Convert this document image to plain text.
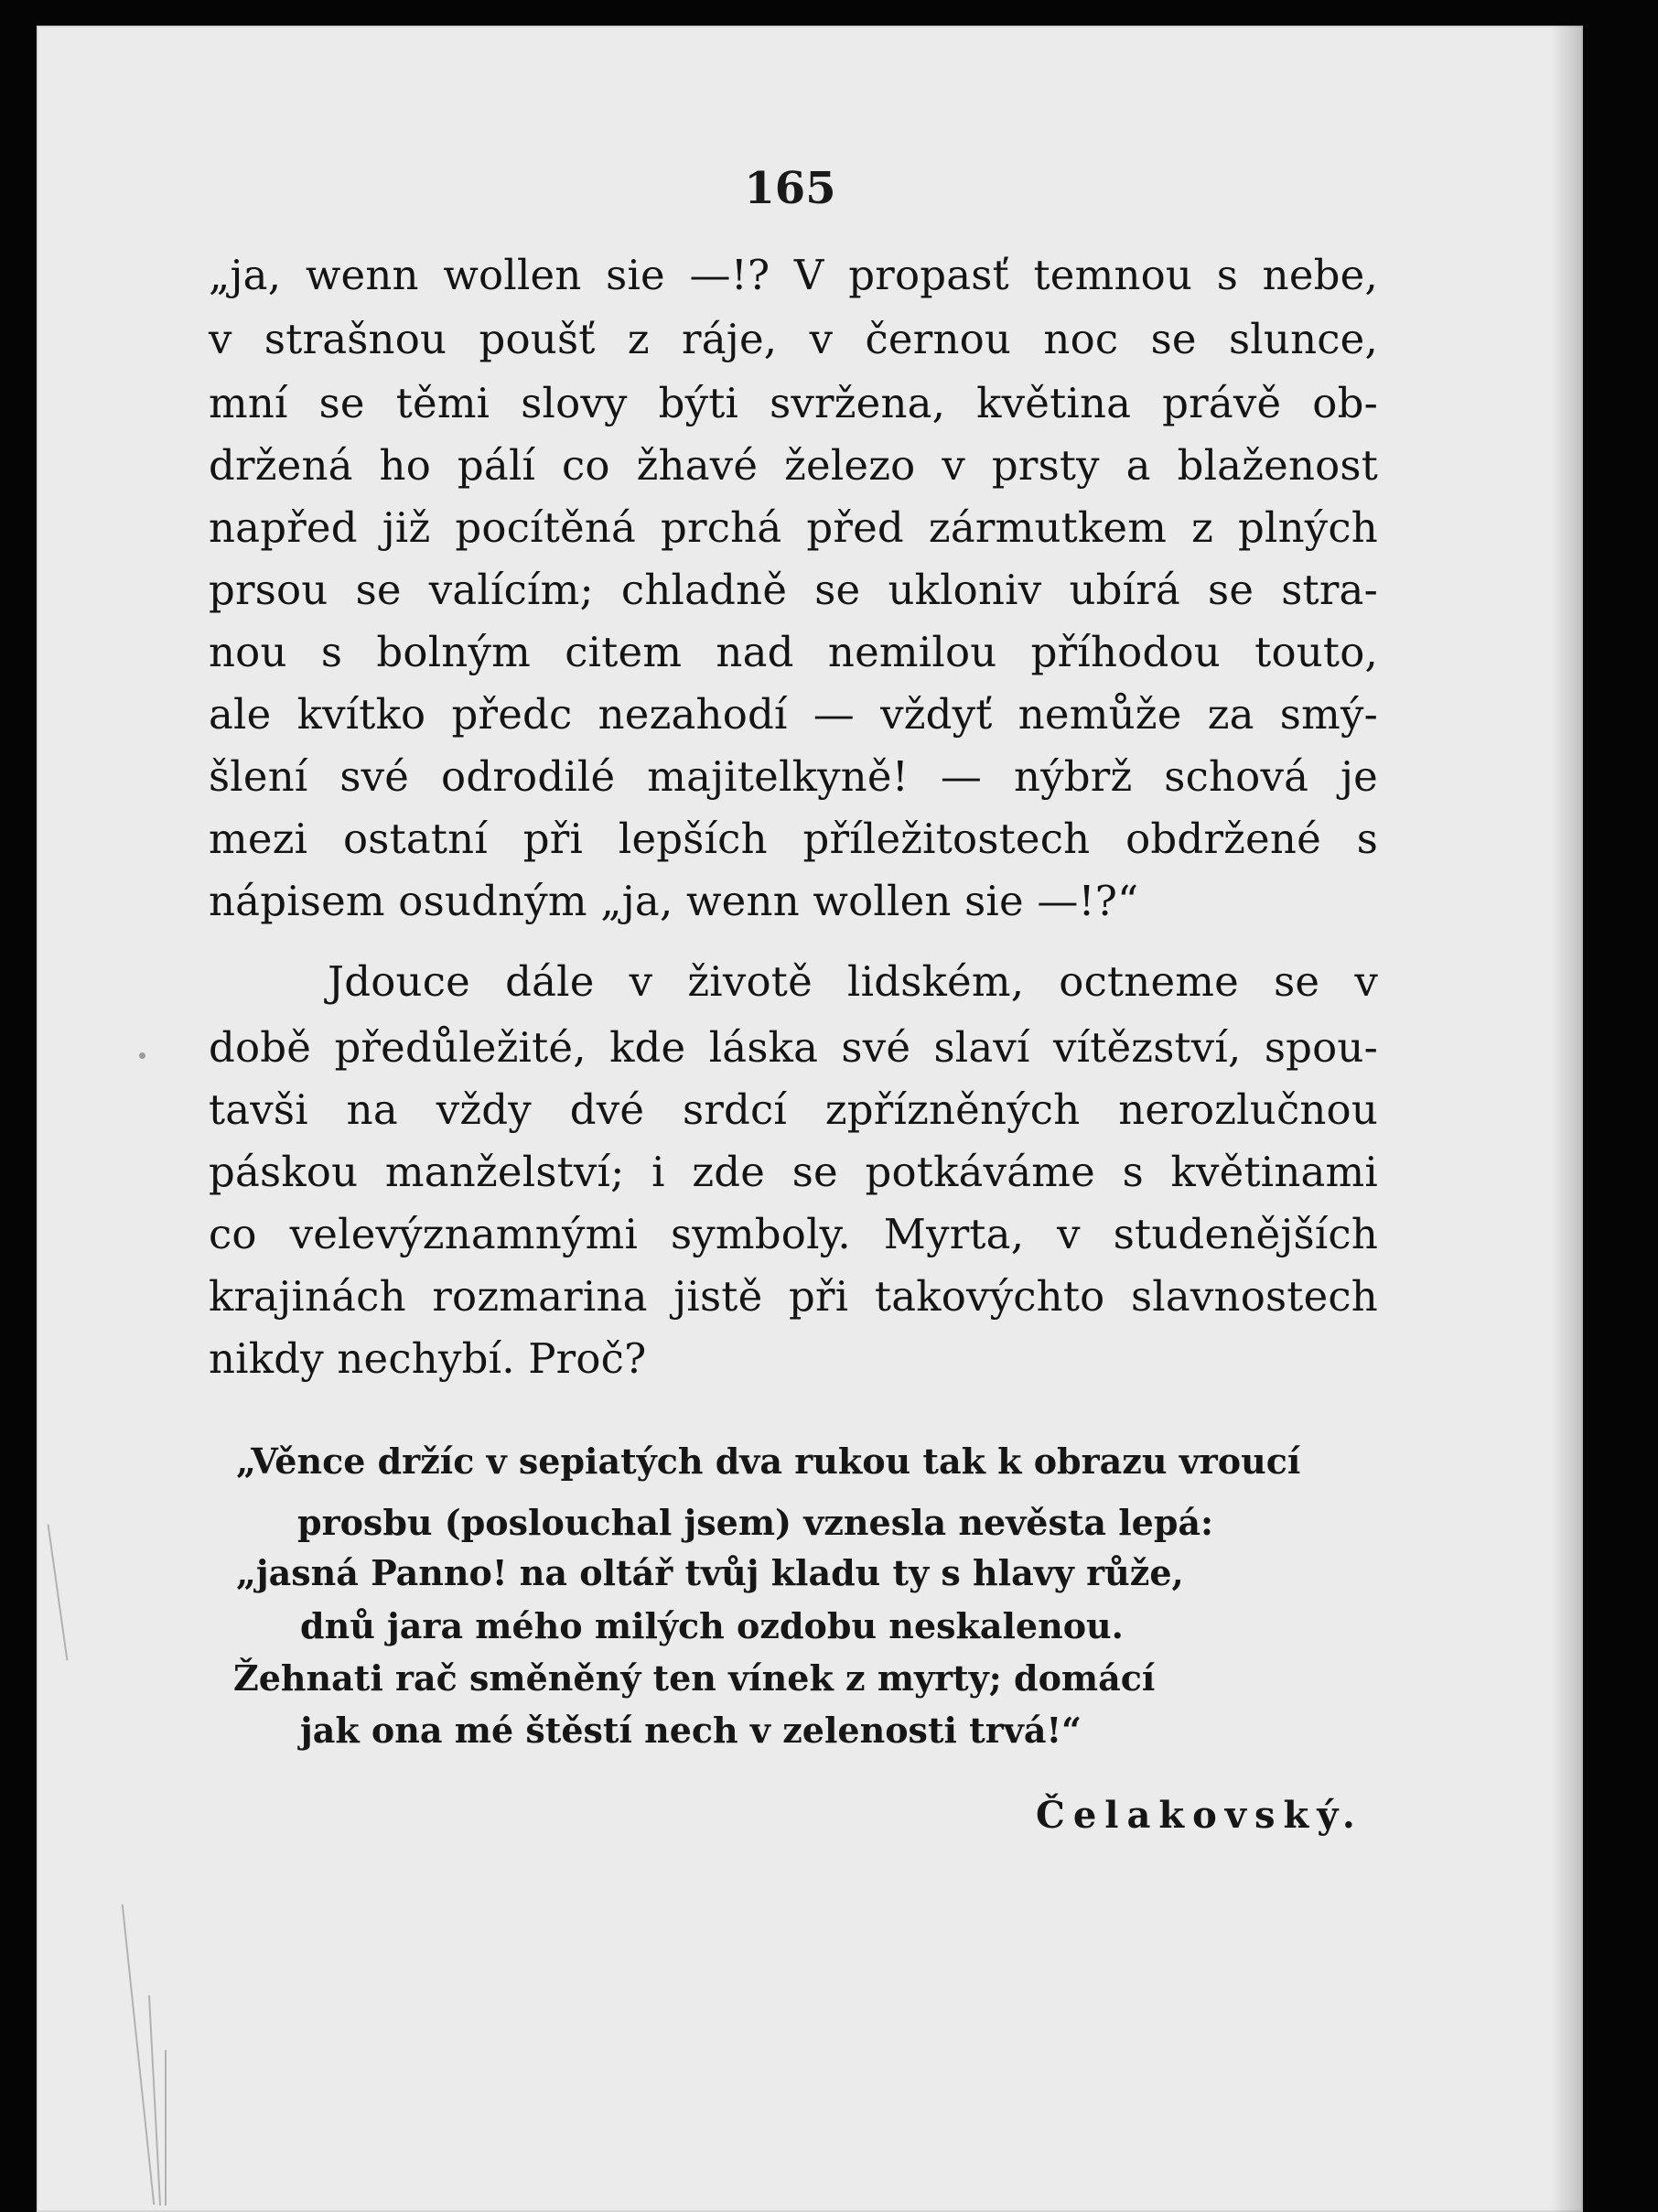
165
„ja, wenn wollen sie —!? V propasť temnou s nebe,
v strašnou poušť z ráje, v černou noc se slunce,
mní se těmi slovy býti svržena, květina právě ob-
držená ho pálí co žhavé železo v prsty a blaženost
napřed již pocítěná prchá před zármutkem z plných
prsou se valícím; chladně se ukloniv ubírá se stra-
nou s bolným citem nad nemilou příhodou touto,
ale kvítko předc nezahodí — vždyť nemůže za smý-
šlení své odrodilé majitelkyně! — nýbrž schová je
mezi ostatní při lepších příležitostech obdržené s
nápisem osudným „ja, wenn wollen sie —!?“
Jdouce dále v životě lidském, octneme se v
době předůležité, kde láska své slaví vítězství, spou-
tavši na vždy dvé srdcí zpřízněných nerozlučnou
páskou manželství; i zde se potkáváme s květinami
co velevýznamnými symboly. Myrta, v studenějších
krajinách rozmarina jistě při takovýchto slavnostech
nikdy nechybí. Proč?
„Věnce držíc v sepiatých dva rukou tak k obrazu vroucí
prosbu (poslouchal jsem) vznesla nevěsta lepá:
„jasná Panno! na oltář tvůj kladu ty s hlavy růže,
dnů jara mého milých ozdobu neskalenou.
Žehnati rač směněný ten vínek z myrty; domácí
jak ona mé štěstí nech v zelenosti trvá!“
Čelakovský.
